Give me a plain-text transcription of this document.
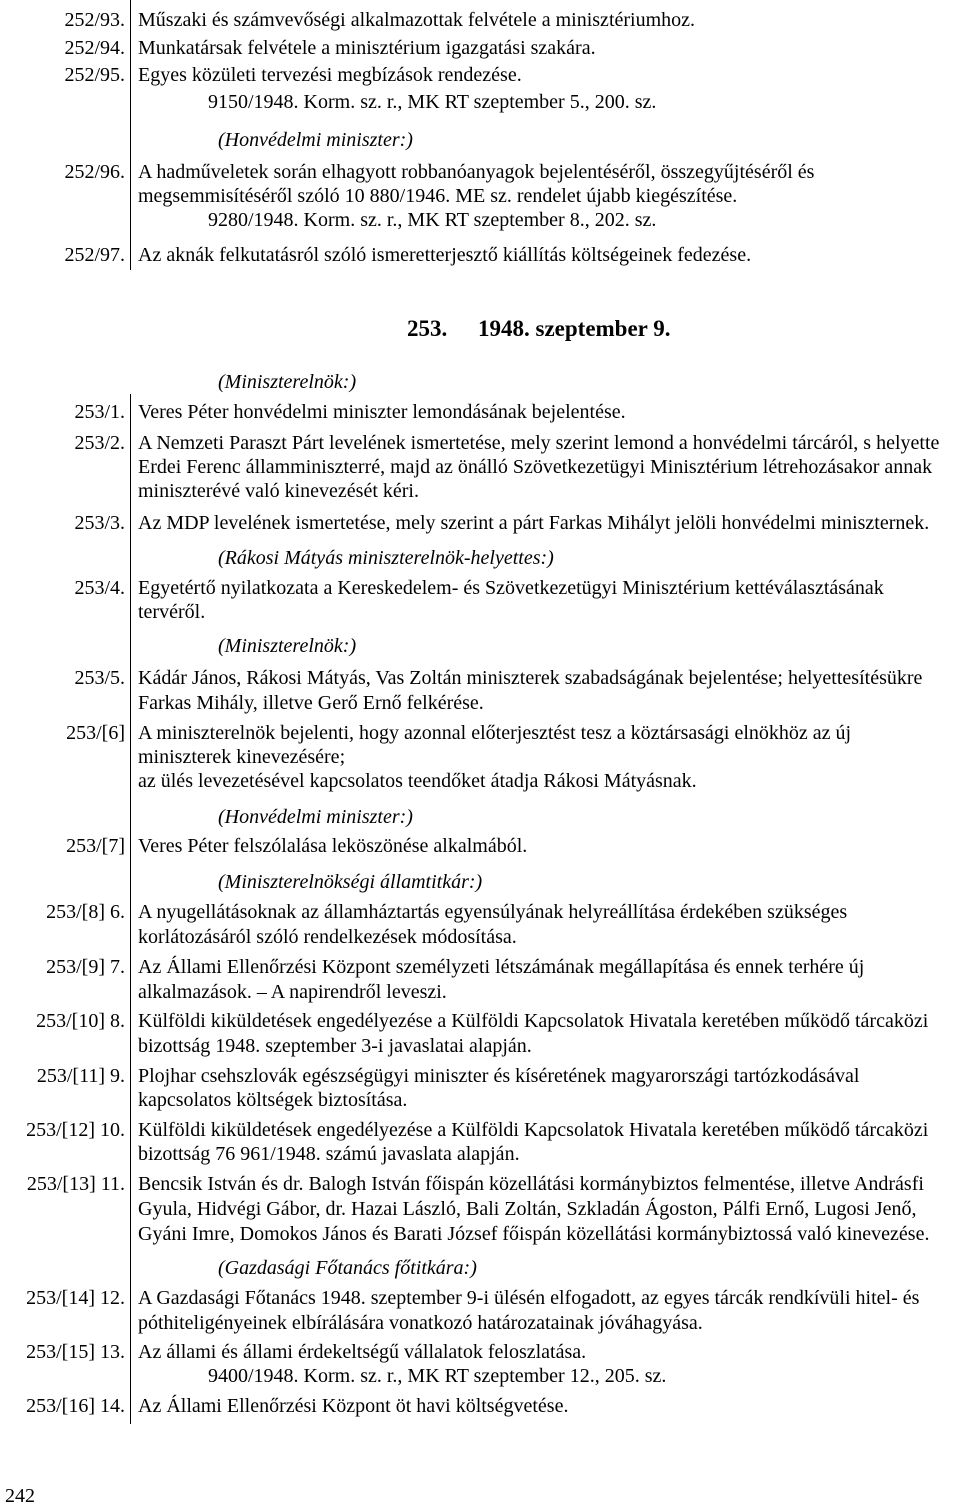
252/93. Műszaki és számvevőségi alkalmazottak felvétele a minisztériumhoz.
252/94. Munkatársak felvétele a minisztérium igazgatási szakára.
252/95. Egyes közületi tervezési megbízások rendezése.
9150/1948. Korm. sz. r., MK RT szeptember 5., 200. sz.
(Honvédelmi miniszter:)
252/96. A hadműveletek során elhagyott robbanóanyagok bejelentéséről, összegyűjtéséről és
megsemmisítéséről szóló 10 880/1946. ME sz. rendelet újabb kiegészítése.
9280/1948. Korm. sz. r., MK RT szeptember 8., 202. sz.
252/97. Az aknák felkutatásról szóló ismeretterjesztő kiállítás költségeinek fedezése.
253. 1948. szeptember 9.
(Miniszterelnök:)
253/1. Veres Péter honvédelmi miniszter lemondásának bejelentése.
253/2. A Nemzeti Paraszt Párt levelének ismertetése, mely szerint lemond a honvédelmi tárcáról, s helyette
Erdei Ferenc államminiszterré, majd az önálló Szövetkezetügyi Minisztérium létrehozásakor annak
miniszterévé való kinevezését kéri.
253/3. Az MDP levelének ismertetése, mely szerint a párt Farkas Mihályt jelöli honvédelmi miniszternek.
(Rákosi Mátyás miniszterelnök-helyettes:)
253/4. Egyetértő nyilatkozata a Kereskedelem- és Szövetkezetügyi Minisztérium kettéválasztásának
tervéről.
(Miniszterelnök:)
253/5. Kádár János, Rákosi Mátyás, Vas Zoltán miniszterek szabadságának bejelentése; helyettesítésükre
Farkas Mihály, illetve Gerő Ernő felkérése.
253/[6] A miniszterelnök bejelenti, hogy azonnal előterjesztést tesz a köztársasági elnökhöz az új
miniszterek kinevezésére;
az ülés levezetésével kapcsolatos teendőket átadja Rákosi Mátyásnak.
(Honvédelmi miniszter:)
253/[7] Veres Péter felszólalása leköszönése alkalmából.
(Miniszterelnökségi államtitkár:)
253/[8] 6. A nyugellátásoknak az államháztartás egyensúlyának helyreállítása érdekében szükséges
korlátozásáról szóló rendelkezések módosítása.
253/[9] 7. Az Állami Ellenőrzési Központ személyzeti létszámának megállapítása és ennek terhére új
alkalmazások. – A napirendről leveszi.
253/[10] 8. Külföldi kiküldetések engedélyezése a Külföldi Kapcsolatok Hivatala keretében működő tárcaközi
bizottság 1948. szeptember 3-i javaslatai alapján.
253/[11] 9. Plojhar csehszlovák egészségügyi miniszter és kíséretének magyarországi tartózkodásával
kapcsolatos költségek biztosítása.
253/[12] 10. Külföldi kiküldetések engedélyezése a Külföldi Kapcsolatok Hivatala keretében működő tárcaközi
bizottság 76 961/1948. számú javaslata alapján.
253/[13] 11. Bencsik István és dr. Balogh István főispán közellátási kormánybiztos felmentése, illetve Andrásfi
Gyula, Hidvégi Gábor, dr. Hazai László, Bali Zoltán, Szkladán Ágoston, Pálfi Ernő, Lugosi Jenő,
Gyáni Imre, Domokos János és Barati József főispán közellátási kormánybiztossá való kinevezése.
(Gazdasági Főtanács főtitkára:)
253/[14] 12. A Gazdasági Főtanács 1948. szeptember 9-i ülésén elfogadott, az egyes tárcák rendkívüli hitel- és
póthiteligényeinek elbírálására vonatkozó határozatainak jóváhagyása.
253/[15] 13. Az állami és állami érdekeltségű vállalatok feloszlatása.
9400/1948. Korm. sz. r., MK RT szeptember 12., 205. sz.
253/[16] 14. Az Állami Ellenőrzési Központ öt havi költségvetése.
242
